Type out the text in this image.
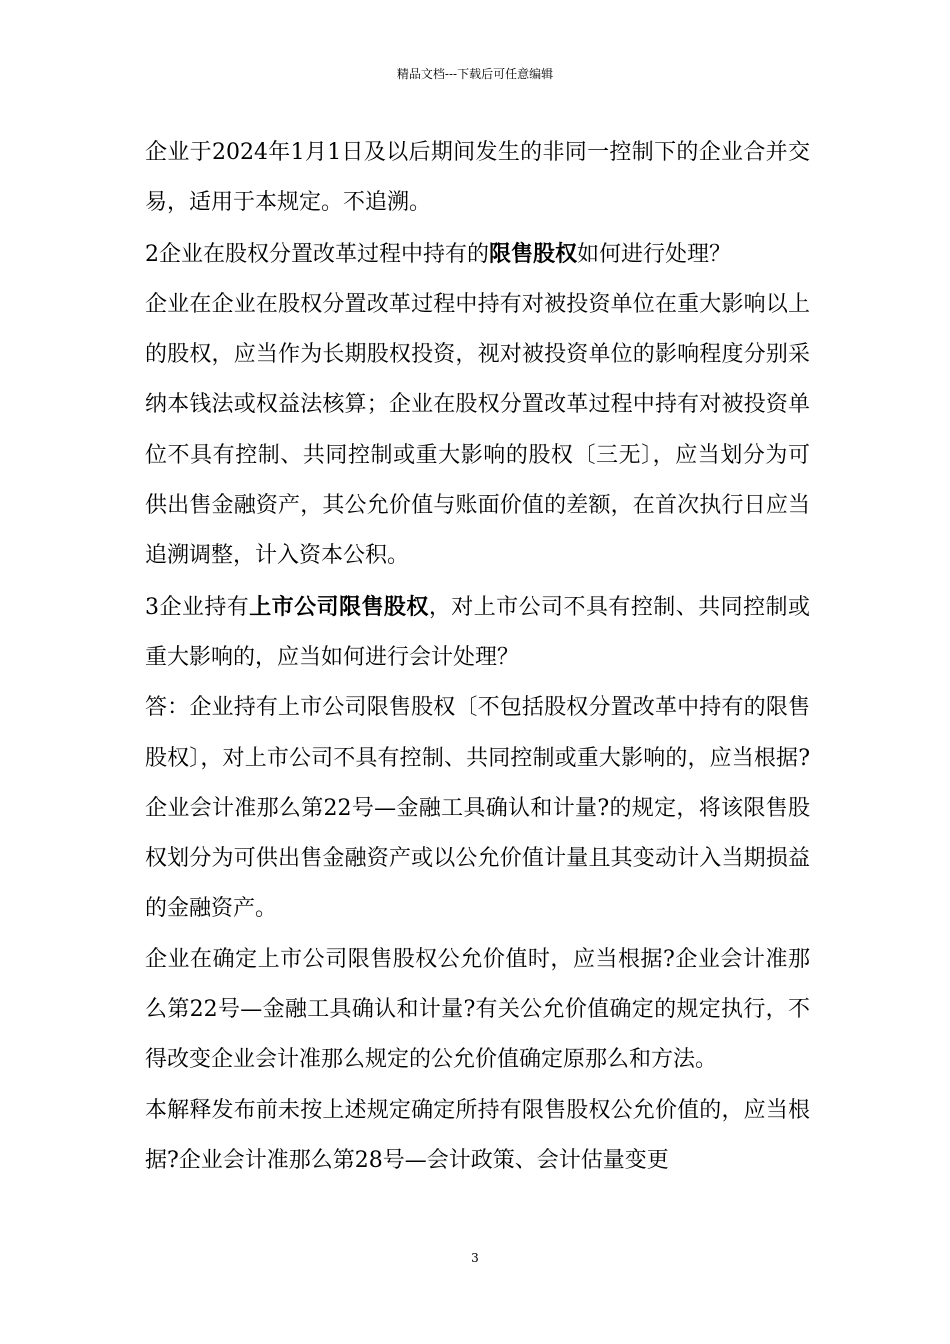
精品文档---下载后可任意编辑

企业于2024年1月1日及以后期间发生的非同一控制下的企业合并交易，适用于本规定。不追溯。

2企业在股权分置改革过程中持有的限售股权如何进行处理？

企业在企业在股权分置改革过程中持有对被投资单位在重大影响以上的股权，应当作为长期股权投资，视对被投资单位的影响程度分别采纳本钱法或权益法核算；企业在股权分置改革过程中持有对被投资单位不具有控制、共同控制或重大影响的股权〔三无〕，应当划分为可供出售金融资产，其公允价值与账面价值的差额，在首次执行日应当追溯调整，计入资本公积。

3企业持有上市公司限售股权，对上市公司不具有控制、共同控制或重大影响的，应当如何进行会计处理？

答：企业持有上市公司限售股权〔不包括股权分置改革中持有的限售股权〕，对上市公司不具有控制、共同控制或重大影响的，应当根据?企业会计准那么第22号—金融工具确认和计量?的规定，将该限售股权划分为可供出售金融资产或以公允价值计量且其变动计入当期损益的金融资产。

企业在确定上市公司限售股权公允价值时，应当根据?企业会计准那么第22号—金融工具确认和计量?有关公允价值确定的规定执行，不得改变企业会计准那么规定的公允价值确定原那么和方法。

本解释发布前未按上述规定确定所持有限售股权公允价值的，应当根据?企业会计准那么第28号—会计政策、会计估量变更

3
